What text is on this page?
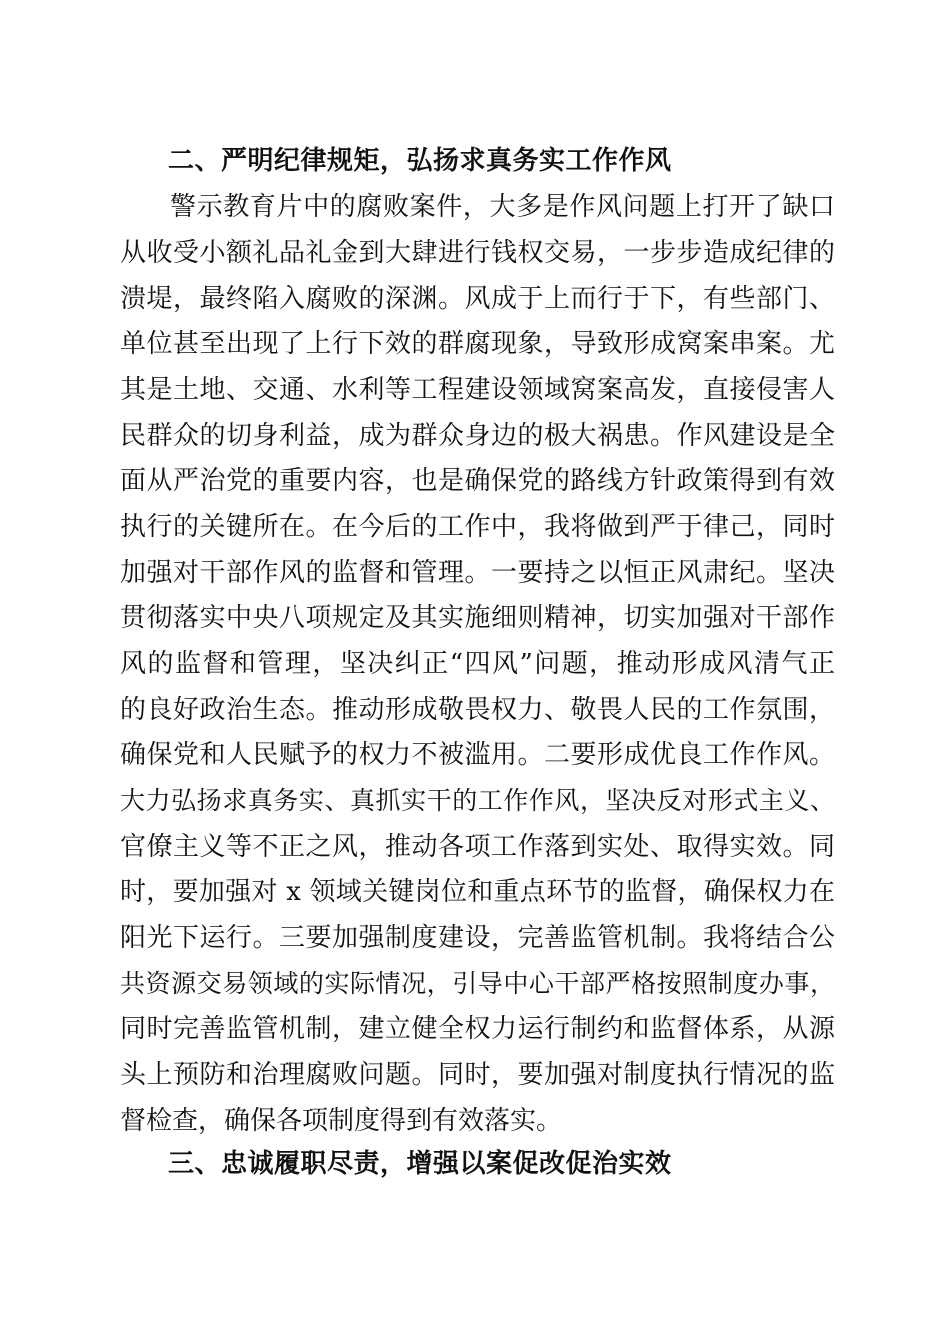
二、严明纪律规矩，弘扬求真务实工作作风
警示教育片中的腐败案件，大多是作风问题上打开了缺口
从收受小额礼品礼金到大肆进行钱权交易，一步步造成纪律的
溃堤，最终陷入腐败的深渊。风成于上而行于下，有些部门、
单位甚至出现了上行下效的群腐现象，导致形成窝案串案。尤
其是土地、交通、水利等工程建设领域窝案高发，直接侵害人
民群众的切身利益，成为群众身边的极大祸患。作风建设是全
面从严治党的重要内容，也是确保党的路线方针政策得到有效
执行的关键所在。在今后的工作中，我将做到严于律己，同时
加强对干部作风的监督和管理。一要持之以恒正风肃纪。坚决
贯彻落实中央八项规定及其实施细则精神，切实加强对干部作
风的监督和管理，坚决纠正“四风”问题，推动形成风清气正
的良好政治生态。推动形成敬畏权力、敬畏人民的工作氛围，
确保党和人民赋予的权力不被滥用。二要形成优良工作作风。
大力弘扬求真务实、真抓实干的工作作风，坚决反对形式主义、
官僚主义等不正之风，推动各项工作落到实处、取得实效。同
时，要加强对 x 领域关键岗位和重点环节的监督，确保权力在
阳光下运行。三要加强制度建设，完善监管机制。我将结合公
共资源交易领域的实际情况，引导中心干部严格按照制度办事，
同时完善监管机制，建立健全权力运行制约和监督体系，从源
头上预防和治理腐败问题。同时，要加强对制度执行情况的监
督检查，确保各项制度得到有效落实。
三、忠诚履职尽责，增强以案促改促治实效
